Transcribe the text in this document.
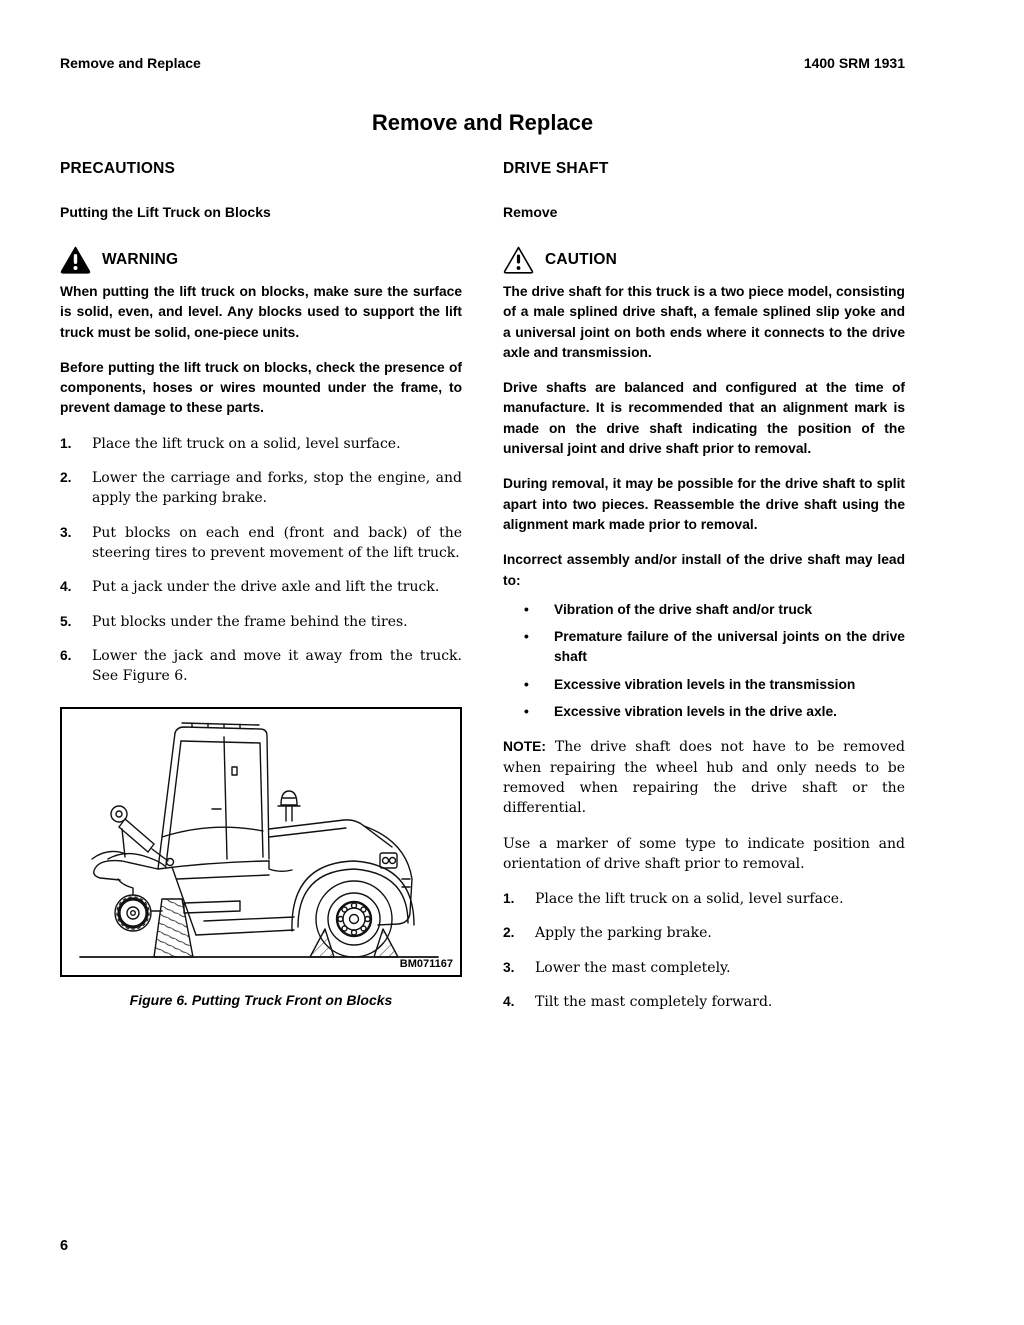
Remove and Replace	1400 SRM 1931
Remove and Replace
PRECAUTIONS
Putting the Lift Truck on Blocks
WARNING

When putting the lift truck on blocks, make sure the surface is solid, even, and level. Any blocks used to support the lift truck must be solid, one-piece units.

Before putting the lift truck on blocks, check the presence of components, hoses or wires mounted under the frame, to prevent damage to these parts.

1.	Place the lift truck on a solid, level surface.
2.	Lower the carriage and forks, stop the engine, and apply the parking brake.
3.	Put blocks on each end (front and back) of the steering tires to prevent movement of the lift truck.
4.	Put a jack under the drive axle and lift the truck.
5.	Put blocks under the frame behind the tires.
6.	Lower the jack and move it away from the truck. See Figure 6.
BM071167
Figure 6. Putting Truck Front on Blocks
DRIVE SHAFT
Remove
CAUTION

The drive shaft for this truck is a two piece model, consisting of a male splined drive shaft, a female splined slip yoke and a universal joint on both ends where it connects to the drive axle and transmission.

Drive shafts are balanced and configured at the time of manufacture. It is recommended that an alignment mark is made on the drive shaft indicating the position of the universal joint and drive shaft prior to removal.

During removal, it may be possible for the drive shaft to split apart into two pieces. Reassemble the drive shaft using the alignment mark made prior to removal.

Incorrect assembly and/or install of the drive shaft may lead to:

•	Vibration of the drive shaft and/or truck
•	Premature failure of the universal joints on the drive shaft
•	Excessive vibration levels in the transmission
•	Excessive vibration levels in the drive axle.

NOTE: The drive shaft does not have to be removed when repairing the wheel hub and only needs to be removed when repairing the drive shaft or the differential.

Use a marker of some type to indicate position and orientation of drive shaft prior to removal.

1.	Place the lift truck on a solid, level surface.
2.	Apply the parking brake.
3.	Lower the mast completely.
4.	Tilt the mast completely forward.
6
